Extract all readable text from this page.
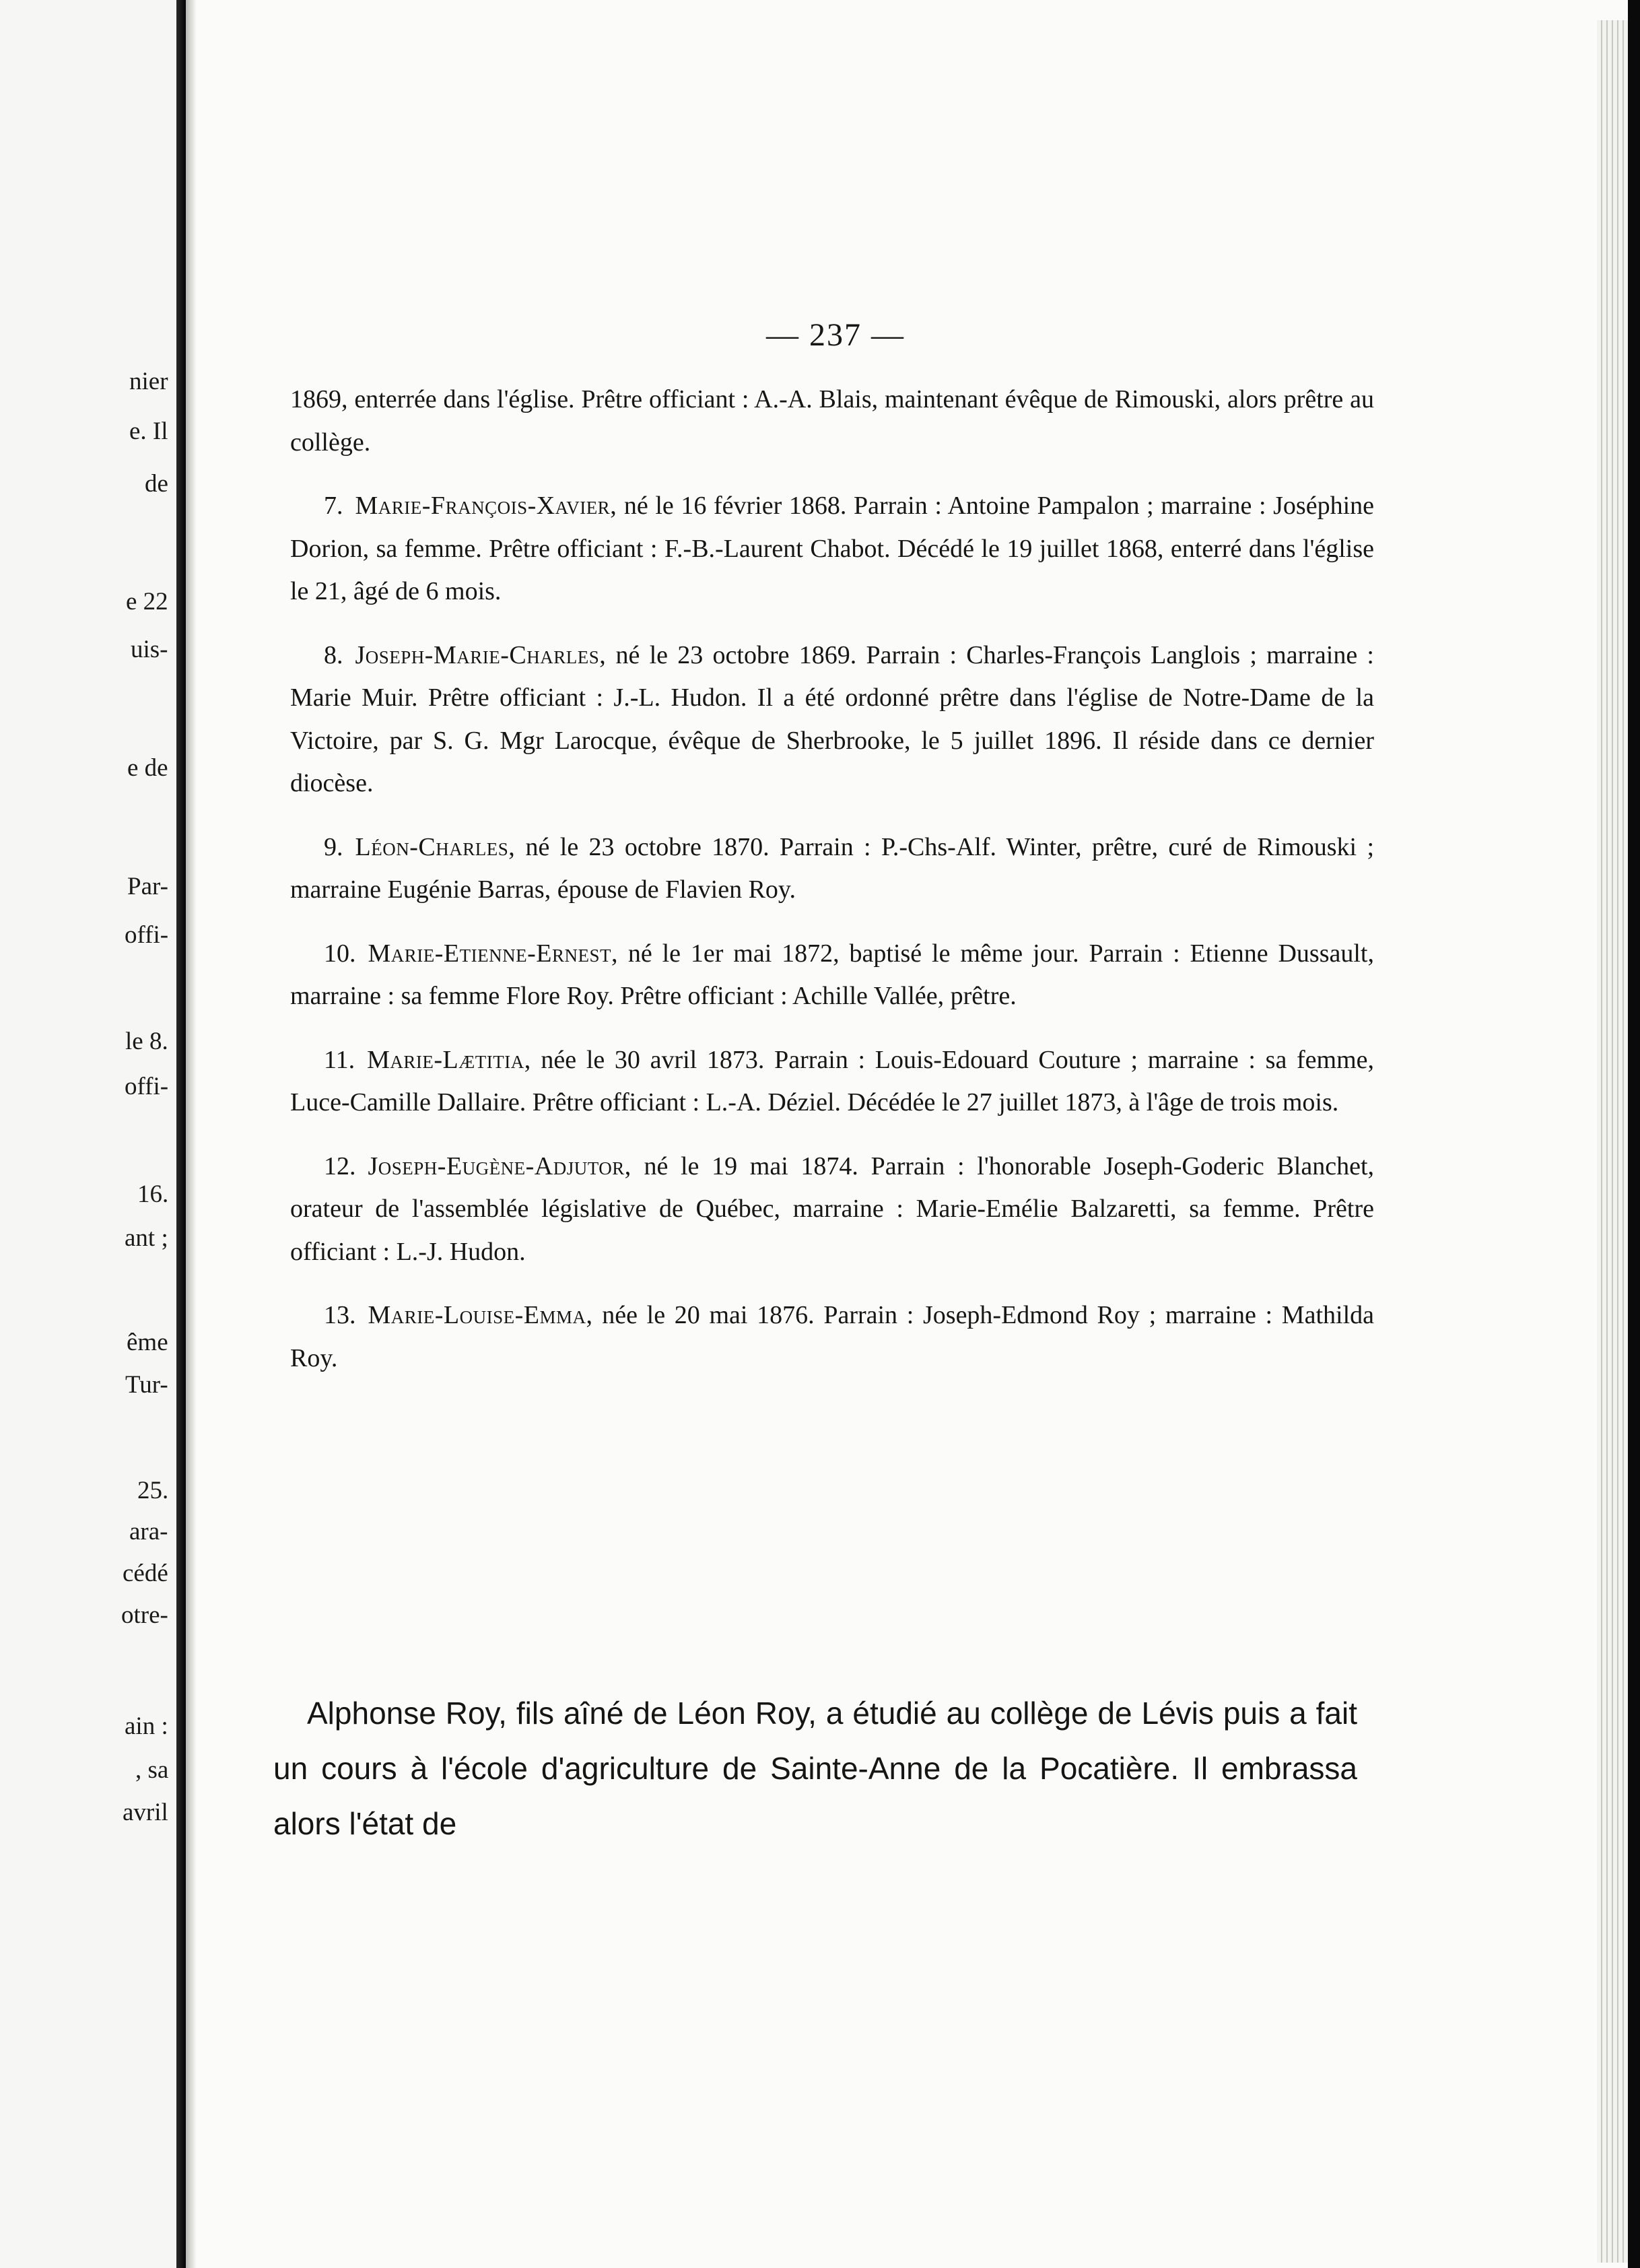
nier

e. Il

de

e 22

uis-

e de

Par-

offi-

le 8.

offi-

16.

ant ;

ême

Tur-

25.

ara-

cédé

otre-

ain :

, sa

avril

— 237 —

1869, enterrée dans l'église. Prêtre officiant : A.-A. Blais, maintenant évêque de Rimouski, alors prêtre au collège.
7. Marie-François-Xavier, né le 16 février 1868. Parrain : Antoine Pampalon ; marraine : Joséphine Dorion, sa femme. Prêtre officiant : F.-B.-Laurent Chabot. Décédé le 19 juillet 1868, enterré dans l'église le 21, âgé de 6 mois.
8. Joseph-Marie-Charles, né le 23 octobre 1869. Parrain : Charles-François Langlois ; marraine : Marie Muir. Prêtre officiant : J.-L. Hudon. Il a été ordonné prêtre dans l'église de Notre-Dame de la Victoire, par S. G. Mgr Larocque, évêque de Sherbrooke, le 5 juillet 1896. Il réside dans ce dernier diocèse.
9. Léon-Charles, né le 23 octobre 1870. Parrain : P.-Chs-Alf. Winter, prêtre, curé de Rimouski ; marraine Eugénie Barras, épouse de Flavien Roy.
10. Marie-Etienne-Ernest, né le 1er mai 1872, baptisé le même jour. Parrain : Etienne Dussault, marraine : sa femme Flore Roy. Prêtre officiant : Achille Vallée, prêtre.
11. Marie-Lætitia, née le 30 avril 1873. Parrain : Louis-Edouard Couture ; marraine : sa femme, Luce-Camille Dallaire. Prêtre officiant : L.-A. Déziel. Décédée le 27 juillet 1873, à l'âge de trois mois.
12. Joseph-Eugène-Adjutor, né le 19 mai 1874. Parrain : l'honorable Joseph-Goderic Blanchet, orateur de l'assemblée législative de Québec, marraine : Marie-Emélie Balzaretti, sa femme. Prêtre officiant : L.-J. Hudon.
13. Marie-Louise-Emma, née le 20 mai 1876. Parrain : Joseph-Edmond Roy ; marraine : Mathilda Roy.

Alphonse Roy, fils aîné de Léon Roy, a étudié au collège de Lévis puis a fait un cours à l'école d'agriculture de Sainte-Anne de la Pocatière. Il embrassa alors l'état de
